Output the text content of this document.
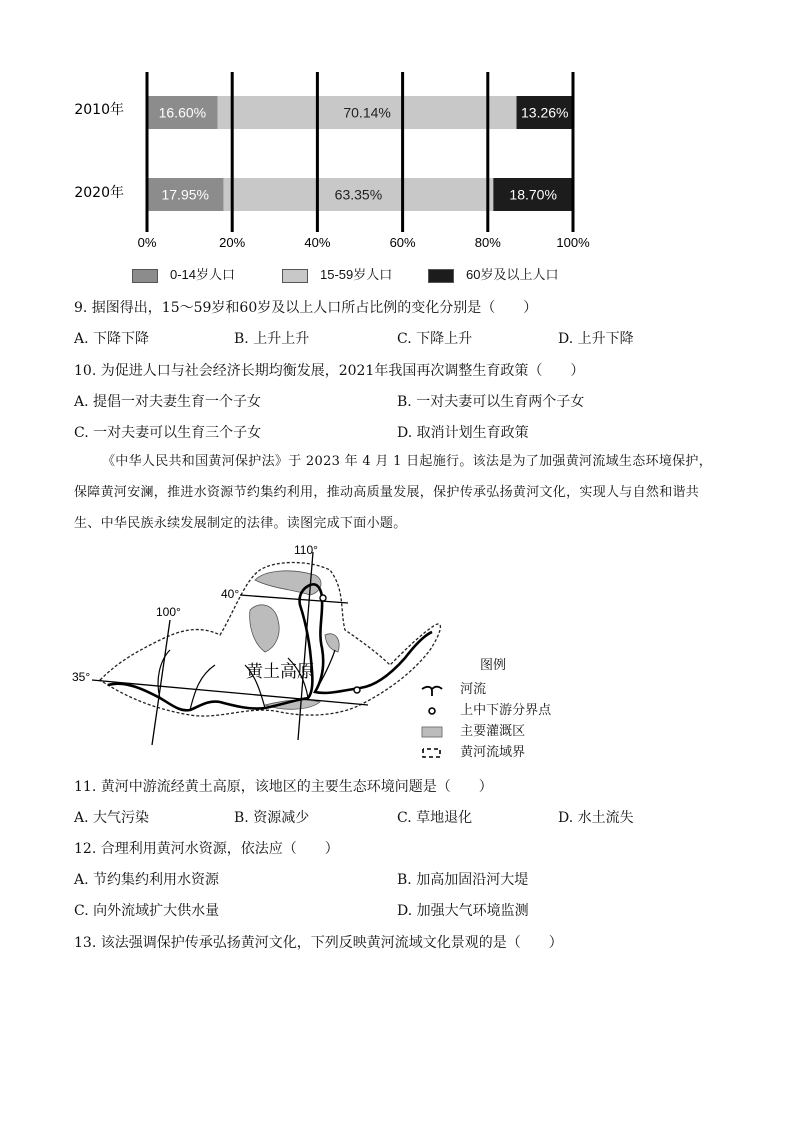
16.60%	70.14%	13.26%
17.95%	63.35%	18.70%
0%	20%	40%	60%	80%	100%
2010年
2020年
0-14岁人口	15-59岁人口	60岁及以上人口
9. 据图得出，15～59岁和60岁及以上人口所占比例的变化分别是（　　）
A. 下降下降	B. 上升上升	C. 下降上升	D. 上升下降
10. 为促进人口与社会经济长期均衡发展，2021年我国再次调整生育政策（　　）
A. 提倡一对夫妻生育一个子女	B. 一对夫妻可以生育两个子女
C. 一对夫妻可以生育三个子女	D. 取消计划生育政策

《中华人民共和国黄河保护法》于 2023 年 4 月 1 日起施行。该法是为了加强黄河流域生态环境保护，保障黄河安澜，推进水资源节约集约利用，推动高质量发展，保护传承弘扬黄河文化，实现人与自然和谐共生、中华民族永续发展制定的法律。读图完成下面小题。

110°
100°
40°
35°	黄土高原	图例
河流
上中下游分界点
主要灌溉区
黄河流域界
11. 黄河中游流经黄土高原，该地区的主要生态环境问题是（　　）
A. 大气污染	B. 资源减少	C. 草地退化	D. 水土流失
12. 合理利用黄河水资源，依法应（　　）
A. 节约集约利用水资源	B. 加高加固沿河大堤
C. 向外流域扩大供水量	D. 加强大气环境监测
13. 该法强调保护传承弘扬黄河文化，下列反映黄河流域文化景观的是（　　）
